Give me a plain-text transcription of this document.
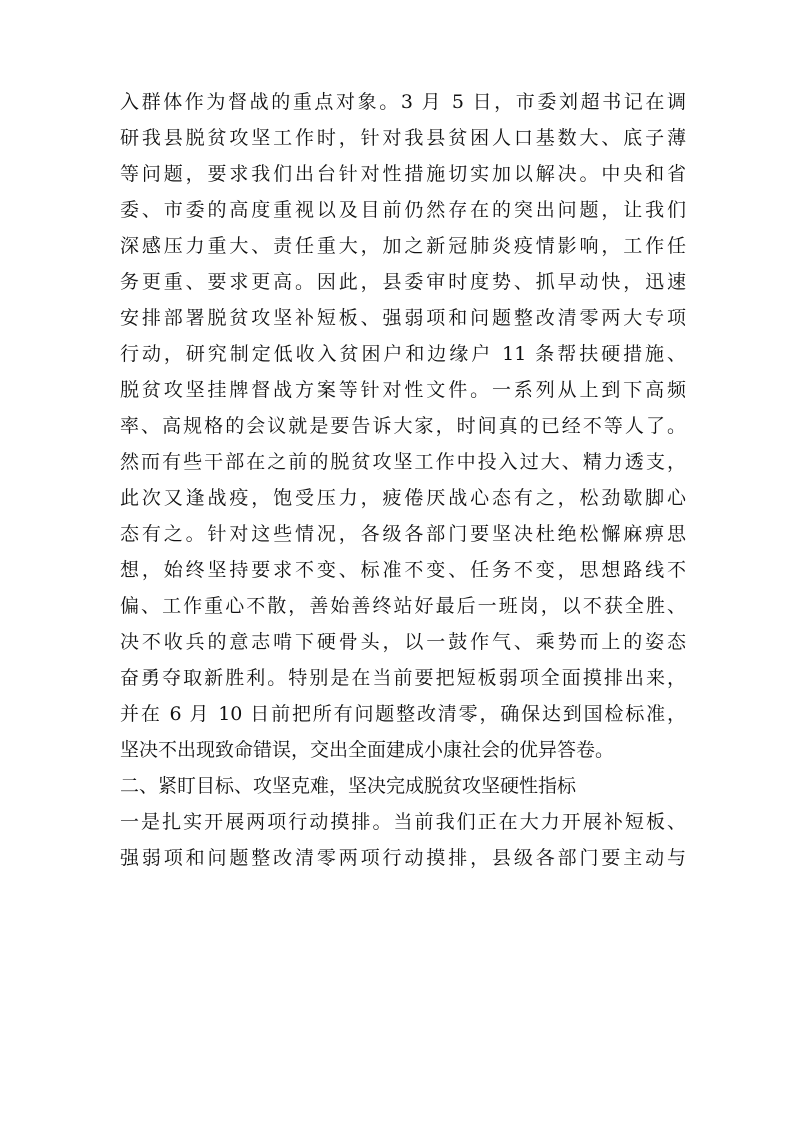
入群体作为督战的重点对象。3 月 5 日，市委刘超书记在调
研我县脱贫攻坚工作时，针对我县贫困人口基数大、底子薄
等问题，要求我们出台针对性措施切实加以解决。中央和省
委、市委的高度重视以及目前仍然存在的突出问题，让我们
深感压力重大、责任重大，加之新冠肺炎疫情影响，工作任
务更重、要求更高。因此，县委审时度势、抓早动快，迅速
安排部署脱贫攻坚补短板、强弱项和问题整改清零两大专项
行动，研究制定低收入贫困户和边缘户 11 条帮扶硬措施、
脱贫攻坚挂牌督战方案等针对性文件。一系列从上到下高频
率、高规格的会议就是要告诉大家，时间真的已经不等人了。
然而有些干部在之前的脱贫攻坚工作中投入过大、精力透支，
此次又逢战疫，饱受压力，疲倦厌战心态有之，松劲歇脚心
态有之。针对这些情况，各级各部门要坚决杜绝松懈麻痹思
想，始终坚持要求不变、标准不变、任务不变，思想路线不
偏、工作重心不散，善始善终站好最后一班岗，以不获全胜、
决不收兵的意志啃下硬骨头，以一鼓作气、乘势而上的姿态
奋勇夺取新胜利。特别是在当前要把短板弱项全面摸排出来，
并在 6 月 10 日前把所有问题整改清零，确保达到国检标准，
坚决不出现致命错误，交出全面建成小康社会的优异答卷。
二、紧盯目标、攻坚克难，坚决完成脱贫攻坚硬性指标
一是扎实开展两项行动摸排。当前我们正在大力开展补短板、
强弱项和问题整改清零两项行动摸排，县级各部门要主动与
